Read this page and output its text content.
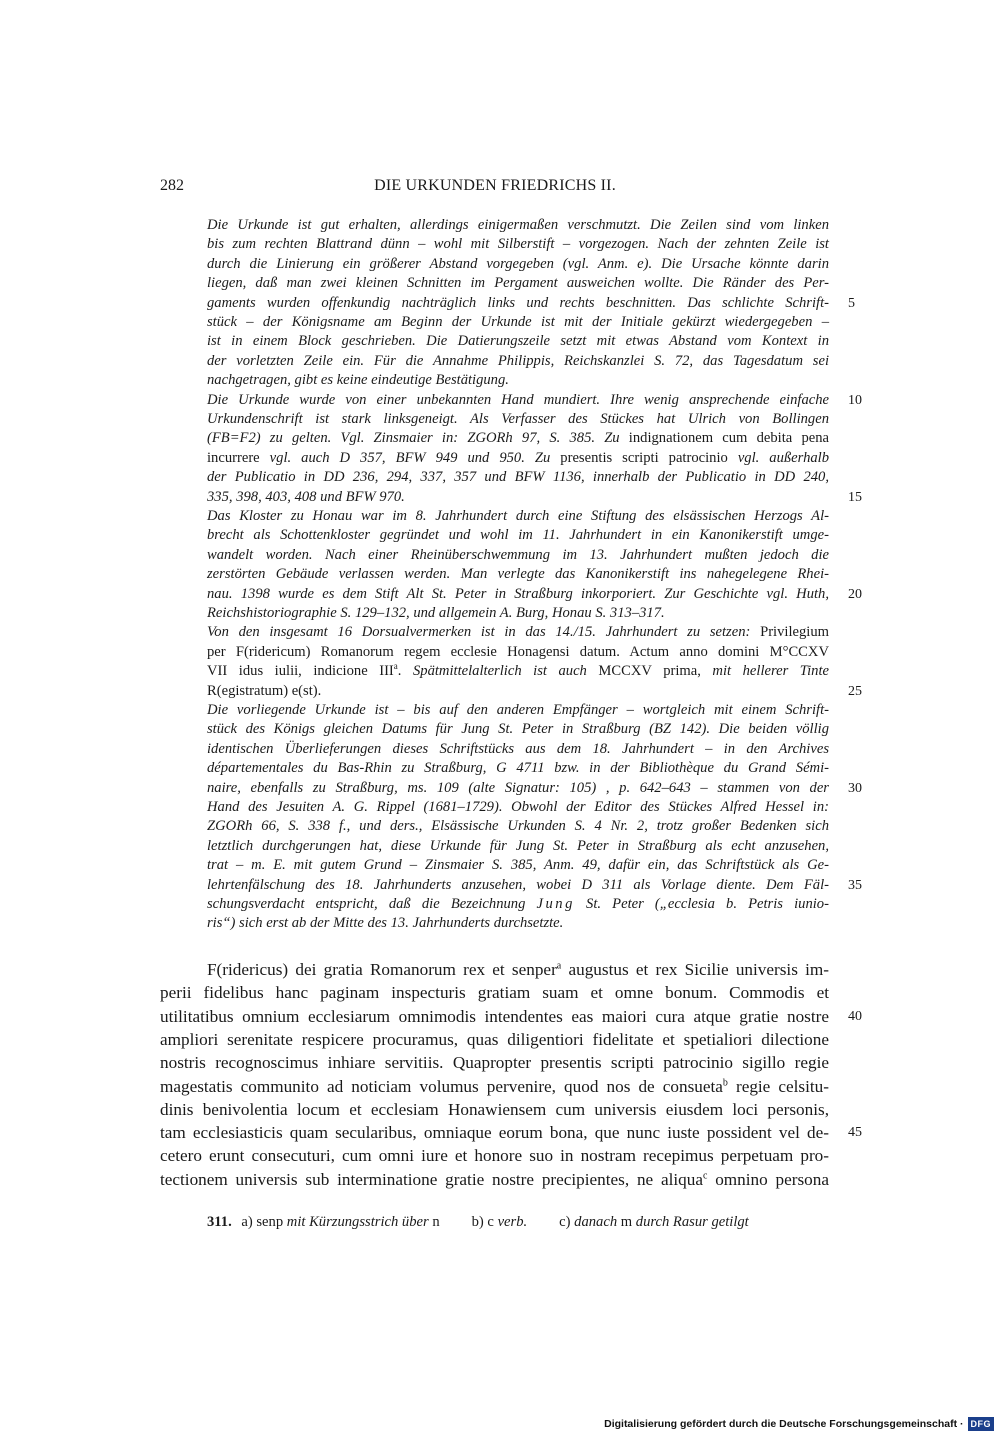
282	DIE URKUNDEN FRIEDRICHS II.
Die Urkunde ist gut erhalten, allerdings einigermaßen verschmutzt. Die Zeilen sind vom linken
bis zum rechten Blattrand dünn – wohl mit Silberstift – vorgezogen. Nach der zehnten Zeile ist
durch die Linierung ein größerer Abstand vorgegeben (vgl. Anm. e). Die Ursache könnte darin
liegen, daß man zwei kleinen Schnitten im Pergament ausweichen wollte. Die Ränder des Per-
gaments wurden offenkundig nachträglich links und rechts beschnitten. Das schlichte Schrift-
stück – der Königsname am Beginn der Urkunde ist mit der Initiale gekürzt wiedergegeben –
ist in einem Block geschrieben. Die Datierungszeile setzt mit etwas Abstand vom Kontext in
der vorletzten Zeile ein. Für die Annahme Philippis, Reichskanzlei S. 72, das Tagesdatum sei
nachgetragen, gibt es keine eindeutige Bestätigung.
Die Urkunde wurde von einer unbekannten Hand mundiert. Ihre wenig ansprechende einfache
Urkundenschrift ist stark linksgeneigt. Als Verfasser des Stückes hat Ulrich von Bollingen
(FB=F2) zu gelten. Vgl. Zinsmaier in: ZGORh 97, S. 385. Zu indignationem cum debita pena
incurrere vgl. auch D 357, BFW 949 und 950. Zu presentis scripti patrocinio vgl. außerhalb
der Publicatio in DD 236, 294, 337, 357 und BFW 1136, innerhalb der Publicatio in DD 240,
335, 398, 403, 408 und BFW 970.
Das Kloster zu Honau war im 8. Jahrhundert durch eine Stiftung des elsässischen Herzogs Al-
brecht als Schottenkloster gegründet und wohl im 11. Jahrhundert in ein Kanonikerstift umge-
wandelt worden. Nach einer Rheinüberschwemmung im 13. Jahrhundert mußten jedoch die
zerstörten Gebäude verlassen werden. Man verlegte das Kanonikerstift ins nahegelegene Rhei-
nau. 1398 wurde es dem Stift Alt St. Peter in Straßburg inkorporiert. Zur Geschichte vgl. Huth,
Reichshistoriographie S. 129–132, und allgemein A. Burg, Honau S. 313–317.
Von den insgesamt 16 Dorsualvermerken ist in das 14./15. Jahrhundert zu setzen: Privilegium
per F(ridericum) Romanorum regem ecclesie Honagensi datum. Actum anno domini M°CCXV
VII idus iulii, indicione III$^a$. Spätmittelalterlich ist auch MCCXV prima, mit hellerer Tinte
R(egistratum) e(st).
Die vorliegende Urkunde ist – bis auf den anderen Empfänger – wortgleich mit einem Schrift-
stück des Königs gleichen Datums für Jung St. Peter in Straßburg (BZ 142). Die beiden völlig
identischen Überlieferungen dieses Schriftstücks aus dem 18. Jahrhundert – in den Archives
départementales du Bas-Rhin zu Straßburg, G 4711 bzw. in der Bibliothèque du Grand Sémi-
naire, ebenfalls zu Straßburg, ms. 109 (alte Signatur: 105) , p. 642–643 – stammen von der
Hand des Jesuiten A. G. Rippel (1681–1729). Obwohl der Editor des Stückes Alfred Hessel in:
ZGORh 66, S. 338 f., und ders., Elsässische Urkunden S. 4 Nr. 2, trotz großer Bedenken sich
letztlich durchgerungen hat, diese Urkunde für Jung St. Peter in Straßburg als echt anzusehen,
trat – m. E. mit gutem Grund – Zinsmaier S. 385, Anm. 49, dafür ein, das Schriftstück als Ge-
lehrtenfälschung des 18. Jahrhunderts anzusehen, wobei D 311 als Vorlage diente. Dem Fäl-
schungsverdacht entspricht, daß die Bezeichnung Jung St. Peter („ecclesia b. Petris iunio-
ris“) sich erst ab der Mitte des 13. Jahrhunderts durchsetzte.
5
10
15
20
25
30
35
F(ridericus) dei gratia Romanorum rex et senper$^a$ augustus et rex Sicilie universis im-
perii fidelibus hanc paginam inspecturis gratiam suam et omne bonum. Commodis et
utilitatibus omnium ecclesiarum omnimodis intendentes eas maiori cura atque gratie nostre
ampliori serenitate respicere procuramus, quas diligentiori fidelitate et spetialiori dilectione
nostris recognoscimus inhiare servitiis. Quapropter presentis scripti patrocinio sigillo regie
magestatis communito ad noticiam volumus pervenire, quod nos de consueta$^b$ regie celsitu-
dinis benivolentia locum et ecclesiam Honawiensem cum universis eiusdem loci personis,
tam ecclesiasticis quam secularibus, omniaque eorum bona, que nunc iuste possident vel de-
cetero erunt consecuturi, cum omni iure et honore suo in nostram recepimus perpetuam pro-
tectionem universis sub interminatione gratie nostre precipientes, ne aliqua$^c$ omnino persona
40
45
311. a) senp mit Kürzungsstrich über n b) c verb. c) danach m durch Rasur getilgt
Digitalisierung gefördert durch die Deutsche Forschungsgemeinschaft · DFG
